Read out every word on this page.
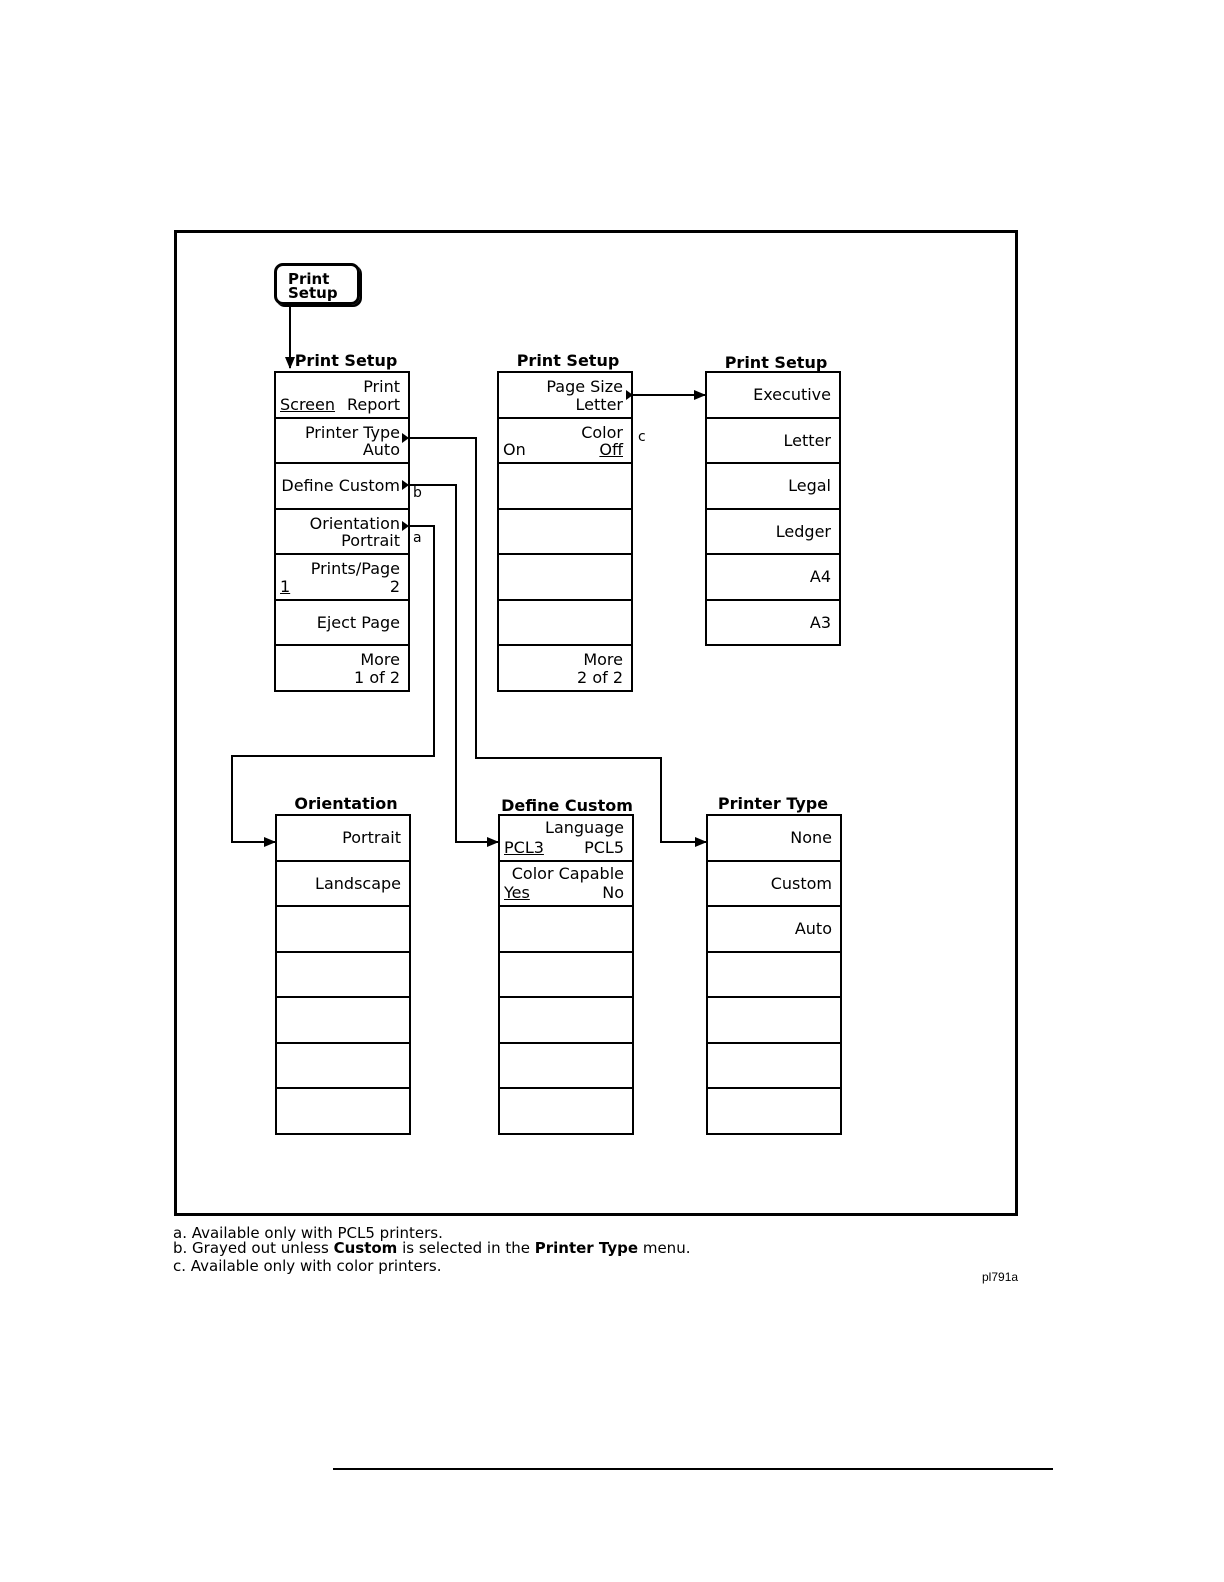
Print
Setup
Print Setup
Print
Screen Report
Printer Type
Auto
Define Custom
Orientation
Portrait
Prints/Page
1	2
Eject Page
More
1 of 2
b
a
Print Setup
Page Size
Letter
Color
On	Off
More
2 of 2
c
Print Setup
Executive
Letter
Legal
Ledger
A4
A3
Orientation
Portrait
Landscape
Define Custom
Language
PCL3	PCL5
Color Capable
Yes	No
Printer Type
None
Custom
Auto
a. Available only with PCL5 printers.
b. Grayed out unless Custom is selected in the Printer Type menu.
c. Available only with color printers.
pl791a
